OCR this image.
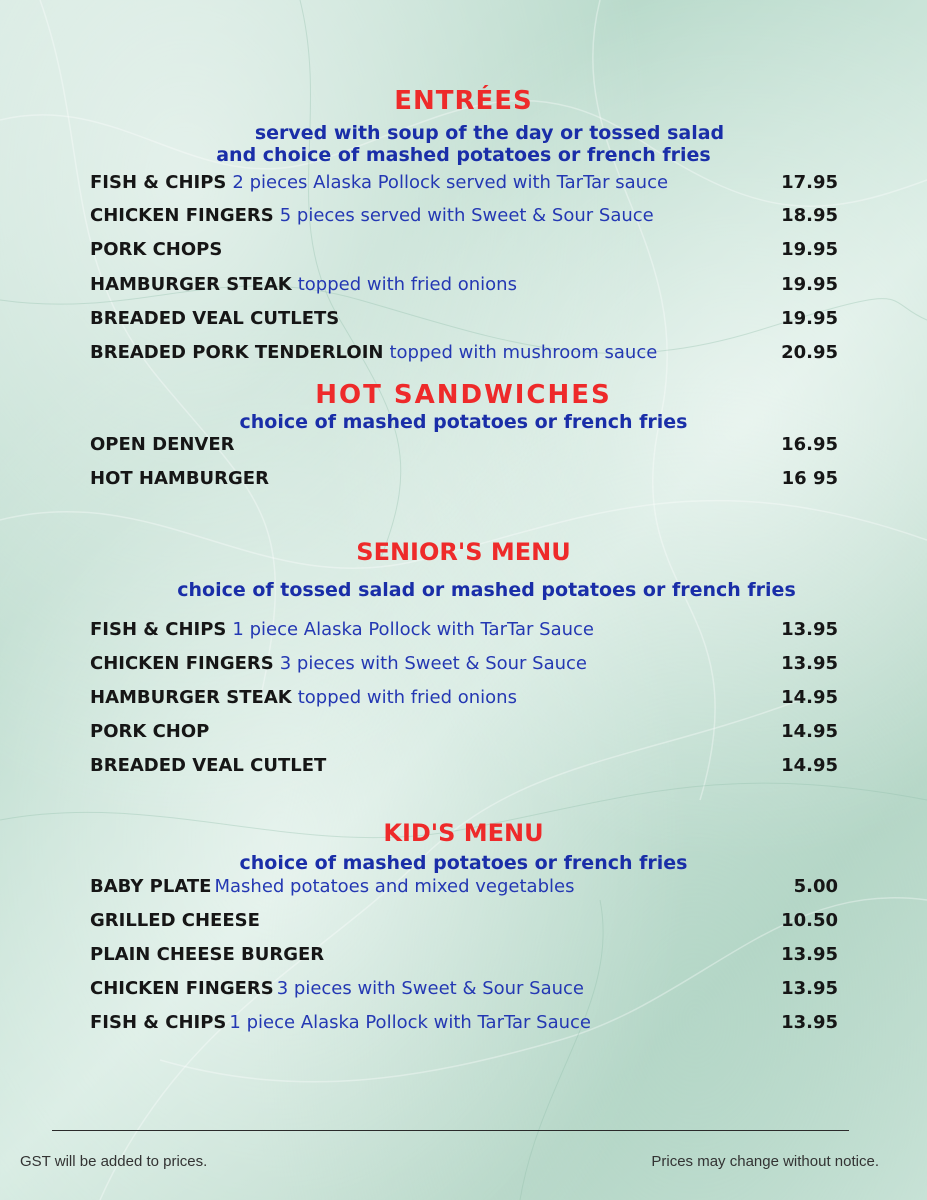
ENTRÉES
served with soup of the day or tossed salad
and choice of mashed potatoes or french fries
FISH & CHIPS 2 pieces Alaska Pollock served with TarTar sauce	17.95
CHICKEN FINGERS 5 pieces served with Sweet & Sour Sauce	18.95
PORK CHOPS	19.95
HAMBURGER STEAK topped with fried onions	19.95
BREADED VEAL CUTLETS	19.95
BREADED PORK TENDERLOIN topped with mushroom sauce	20.95
HOT SANDWICHES
choice of mashed potatoes or french fries
OPEN DENVER	16.95
HOT HAMBURGER	16 95
SENIOR'S MENU
choice of tossed salad or mashed potatoes or french fries
FISH & CHIPS 1 piece Alaska Pollock with TarTar Sauce	13.95
CHICKEN FINGERS 3 pieces with Sweet & Sour Sauce	13.95
HAMBURGER STEAK topped with fried onions	14.95
PORK CHOP	14.95
BREADED VEAL CUTLET	14.95
KID'S MENU
choice of mashed potatoes or french fries
BABY PLATE Mashed potatoes and mixed vegetables	5.00
GRILLED CHEESE	10.50
PLAIN CHEESE BURGER	13.95
CHICKEN FINGERS 3 pieces with Sweet & Sour Sauce	13.95
FISH & CHIPS 1 piece Alaska Pollock with TarTar Sauce	13.95
GST will be added to prices.	Prices may change without notice.
